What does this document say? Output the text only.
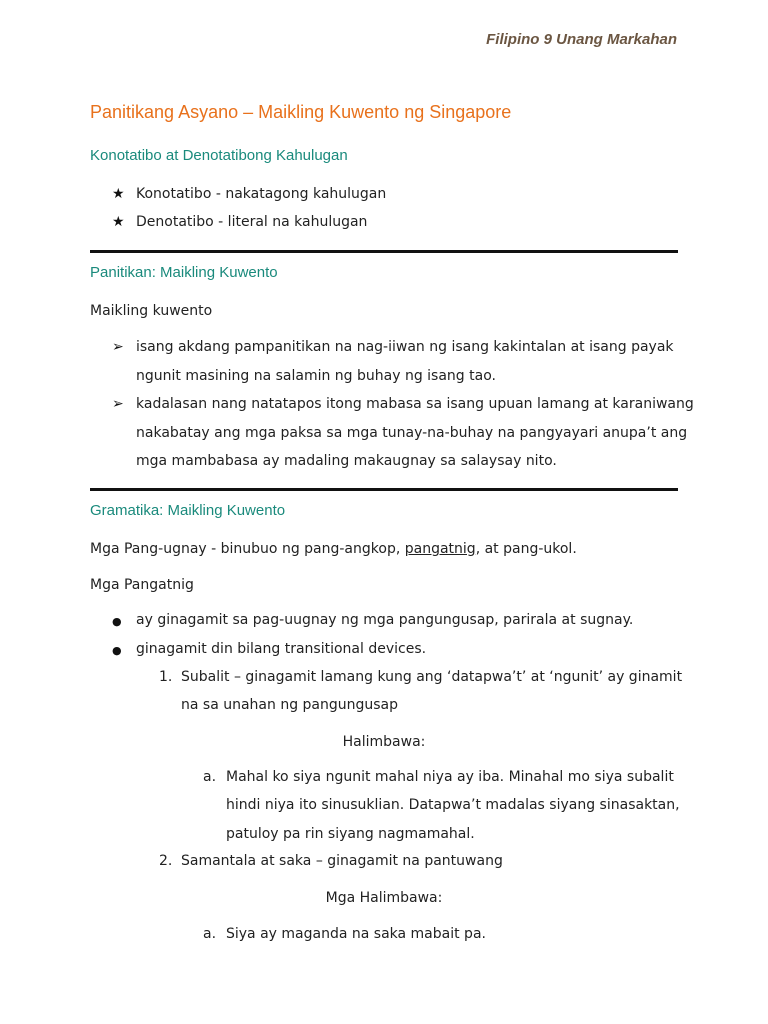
Filipino 9 Unang Markahan
Panitikang Asyano – Maikling Kuwento ng Singapore
Konotatibo at Denotatibong Kahulugan
★ Konotatibo - nakatagong kahulugan
★ Denotatibo - literal na kahulugan
Panitikan: Maikling Kuwento
Maikling kuwento
➢ isang akdang pampanitikan na nag-iiwan ng isang kakintalan at isang payak
ngunit masining na salamin ng buhay ng isang tao.
➢ kadalasan nang natatapos itong mabasa sa isang upuan lamang at karaniwang
nakabatay ang mga paksa sa mga tunay-na-buhay na pangyayari anupa’t ang
mga mambabasa ay madaling makaugnay sa salaysay nito.
Gramatika: Maikling Kuwento
Mga Pang-ugnay - binubuo ng pang-angkop, pangatnig, at pang-ukol.
Mga Pangatnig
● ay ginagamit sa pag-uugnay ng mga pangungusap, parirala at sugnay.
● ginagamit din bilang transitional devices.
1. Subalit – ginagamit lamang kung ang ‘datapwa’t’ at ‘ngunit’ ay ginamit
na sa unahan ng pangungusap
Halimbawa:
a. Mahal ko siya ngunit mahal niya ay iba. Minahal mo siya subalit
hindi niya ito sinusuklian. Datapwa’t madalas siyang sinasaktan,
patuloy pa rin siyang nagmamahal.
2. Samantala at saka – ginagamit na pantuwang
Mga Halimbawa:
a. Siya ay maganda na saka mabait pa.
